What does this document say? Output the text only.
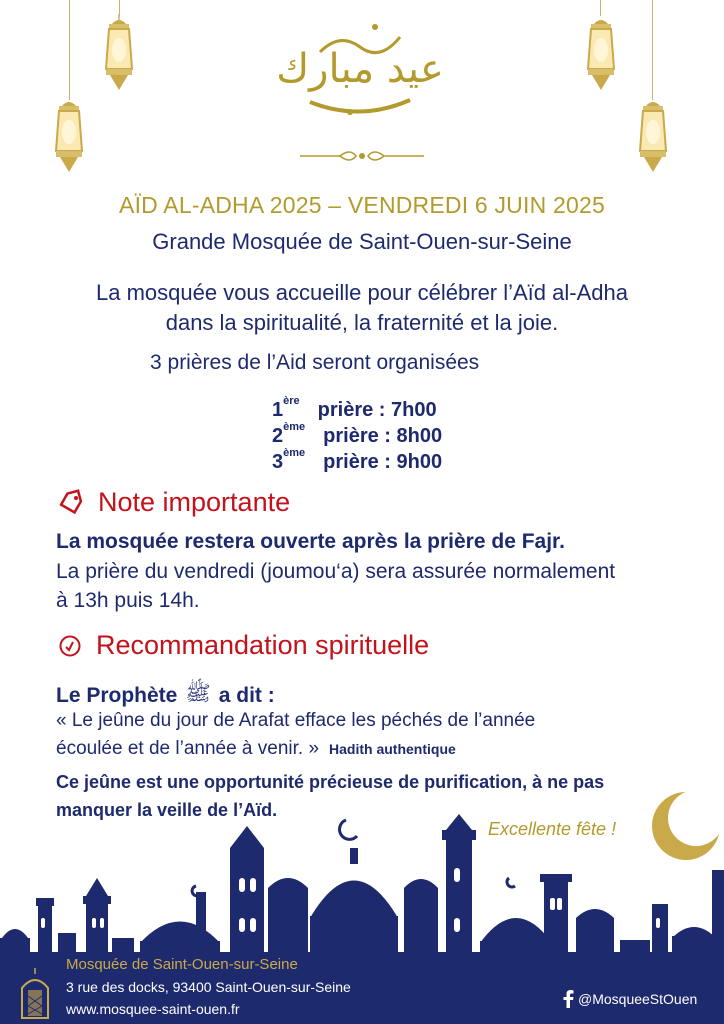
عيد مبارك
AÏD AL-ADHA 2025 – VENDREDI 6 JUIN 2025
Grande Mosquée de Saint-Ouen-sur-Seine
La mosquée vous accueille pour célébrer l’Aïd al-Adha
dans la spiritualité, la fraternité et la joie.
3 prières de l’Aid seront organisées
1ère prière : 7h00
2ème prière : 8h00
3ème prière : 9h00
Note importante
La mosquée restera ouverte après la prière de Fajr.
La prière du vendredi (joumou‘a) sera assurée normalement
à 13h puis 14h.
Recommandation spirituelle
Le Prophète ﷺ a dit :
« Le jeûne du jour de Arafat efface les péchés de l’année
écoulée et de l’année à venir. » Hadith authentique
Ce jeûne est une opportunité précieuse de purification, à ne pas
manquer la veille de l’Aïd.
Excellente fête !
Mosquée de Saint-Ouen-sur-Seine
3 rue des docks, 93400 Saint-Ouen-sur-Seine
www.mosquee-saint-ouen.fr
@MosqueeStOuen
